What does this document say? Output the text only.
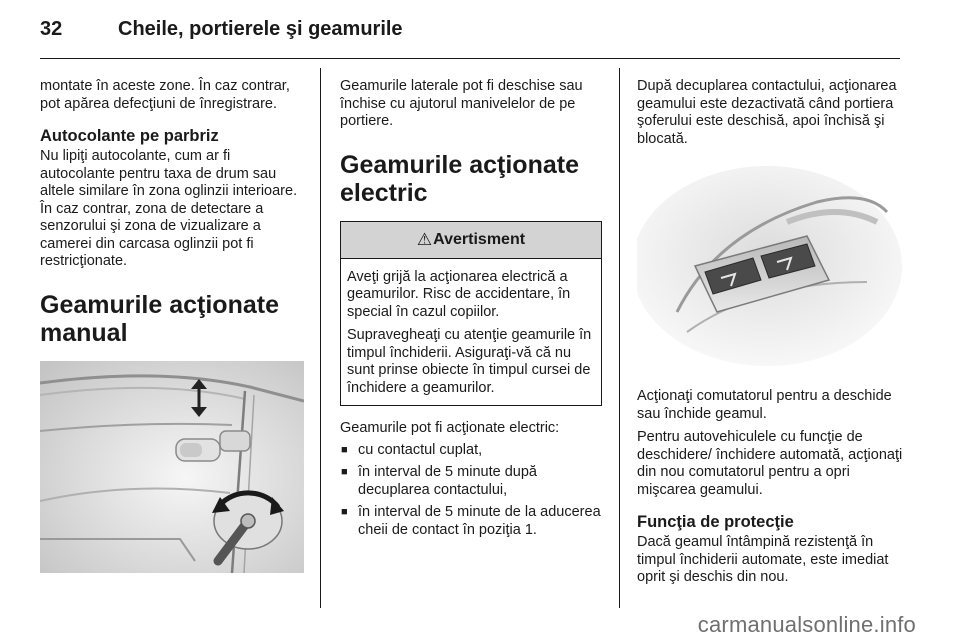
32	Cheile, portierele şi geamurile

montate în aceste zone. În caz contrar, pot apărea defecţiuni de înregistrare.

Autocolante pe parbriz

Nu lipiţi autocolante, cum ar fi autocolante pentru taxa de drum sau altele similare în zona oglinzii interioare. În caz contrar, zona de detectare a senzorului şi zona de vizualizare a camerei din carcasa oglinzii pot fi restricţionate.

Geamurile acţionate manual

Geamurile laterale pot fi deschise sau închise cu ajutorul manivelelor de pe portiere.

Geamurile acţionate electric
⚠ Avertisment

Aveţi grijă la acţionarea electrică a geamurilor. Risc de accidentare, în special în cazul copiilor.

Supravegheaţi cu atenţie geamurile în timpul închiderii. Asiguraţi-vă că nu sunt prinse obiecte în timpul cursei de închidere a geamurilor.

Geamurile pot fi acţionate electric:

■ cu contactul cuplat,
■ în interval de 5 minute după decuplarea contactului,
■ în interval de 5 minute de la aducerea cheii de contact în poziţia 1.

După decuplarea contactului, acţionarea geamului este dezactivată când portiera şoferului este deschisă, apoi închisă şi blocată.

Acţionaţi comutatorul pentru a deschide sau închide geamul.

Pentru autovehiculele cu funcţie de deschidere/ închidere automată, acţionaţi din nou comutatorul pentru a opri mişcarea geamului.

Funcţia de protecţie

Dacă geamul întâmpină rezistenţă în timpul închiderii automate, este imediat oprit şi deschis din nou.

carmanualsonline.info
